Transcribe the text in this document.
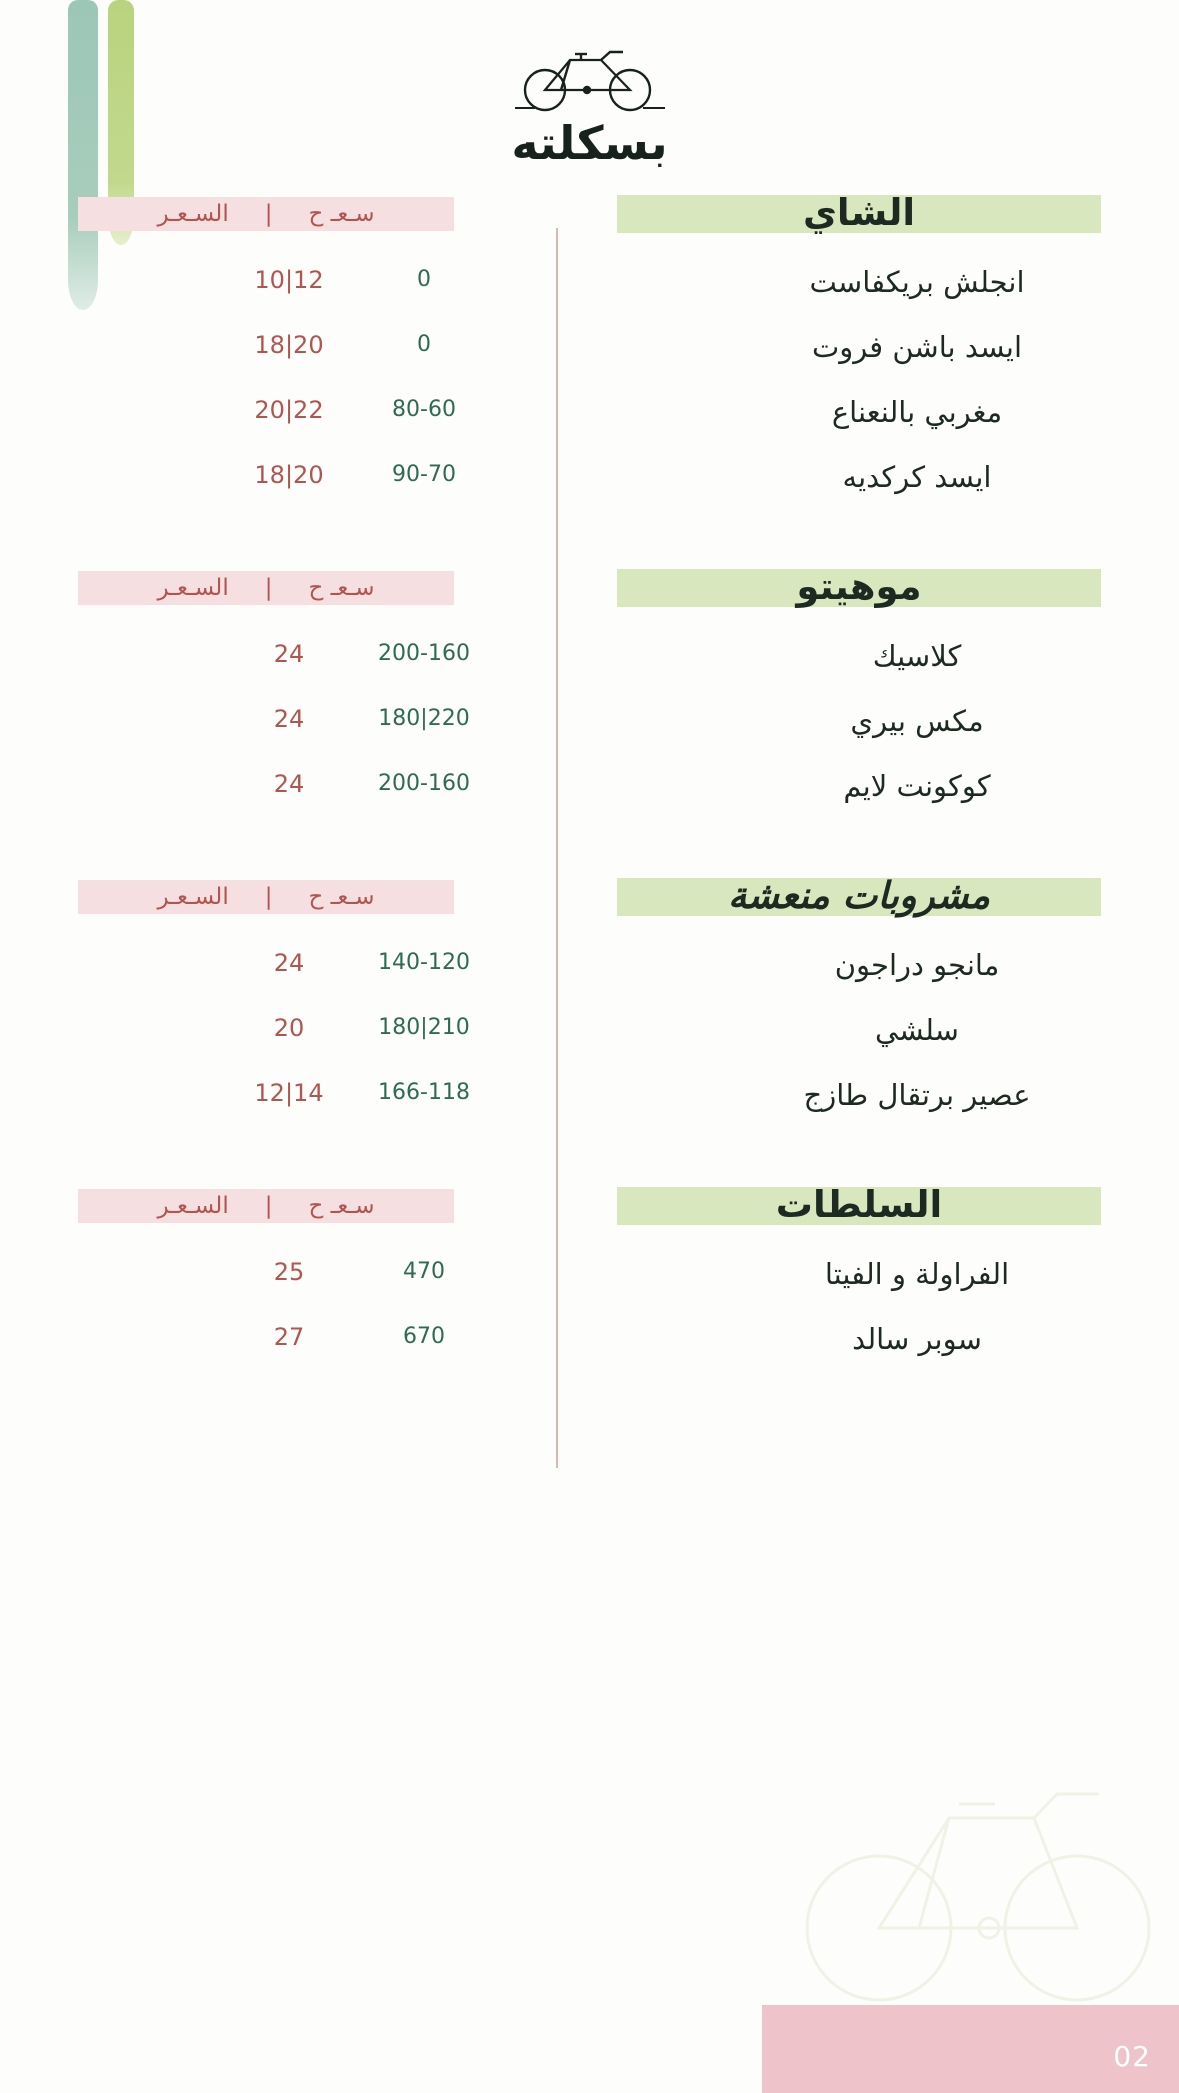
بسكلته
الشاي
انجلش بريكفاست
ايسد باشن فروت
مغربي بالنعناع
ايسد كركديه
سـعـ ح
|
السـعـر
0
12|10
0
20|18
80-60
22|20
90-70
20|18
موهيتو
كلاسيك
مكس بيري
كوكونت لايم
سـعـ ح
|
السـعـر
200-160
24
220|180
24
200-160
24
مشروبات منعشة
مانجو دراجون
سلشي
عصير برتقال طازج
سـعـ ح
|
السـعـر
140-120
24
210|180
20
166-118
14|12
السلطات
الفراولة و الفيتا
سوبر سالد
سـعـ ح
|
السـعـر
470
25
670
27
02
